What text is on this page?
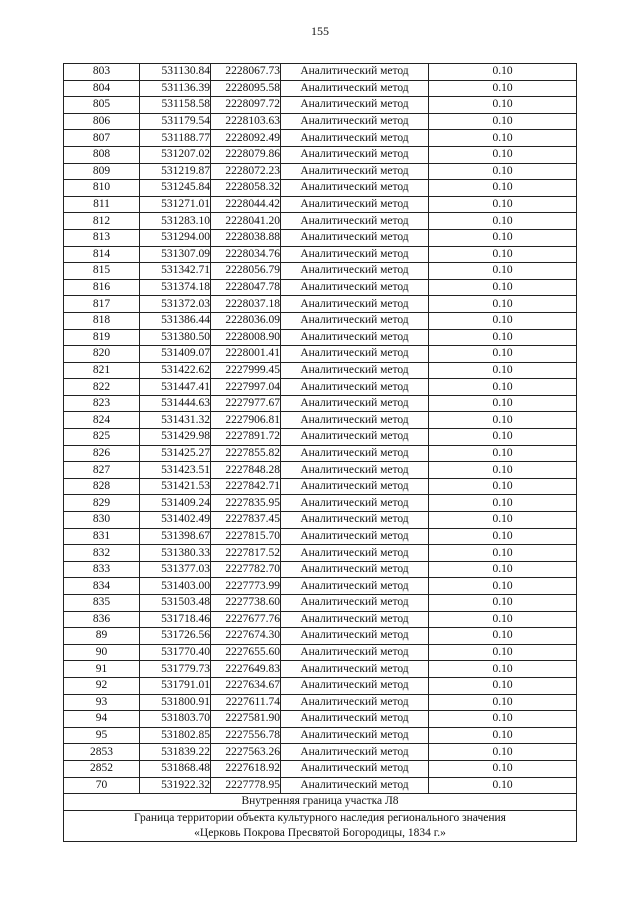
155
803	531130.84	2228067.73	Аналитический метод	0.10
804	531136.39	2228095.58	Аналитический метод	0.10
805	531158.58	2228097.72	Аналитический метод	0.10
806	531179.54	2228103.63	Аналитический метод	0.10
807	531188.77	2228092.49	Аналитический метод	0.10
808	531207.02	2228079.86	Аналитический метод	0.10
809	531219.87	2228072.23	Аналитический метод	0.10
810	531245.84	2228058.32	Аналитический метод	0.10
811	531271.01	2228044.42	Аналитический метод	0.10
812	531283.10	2228041.20	Аналитический метод	0.10
813	531294.00	2228038.88	Аналитический метод	0.10
814	531307.09	2228034.76	Аналитический метод	0.10
815	531342.71	2228056.79	Аналитический метод	0.10
816	531374.18	2228047.78	Аналитический метод	0.10
817	531372.03	2228037.18	Аналитический метод	0.10
818	531386.44	2228036.09	Аналитический метод	0.10
819	531380.50	2228008.90	Аналитический метод	0.10
820	531409.07	2228001.41	Аналитический метод	0.10
821	531422.62	2227999.45	Аналитический метод	0.10
822	531447.41	2227997.04	Аналитический метод	0.10
823	531444.63	2227977.67	Аналитический метод	0.10
824	531431.32	2227906.81	Аналитический метод	0.10
825	531429.98	2227891.72	Аналитический метод	0.10
826	531425.27	2227855.82	Аналитический метод	0.10
827	531423.51	2227848.28	Аналитический метод	0.10
828	531421.53	2227842.71	Аналитический метод	0.10
829	531409.24	2227835.95	Аналитический метод	0.10
830	531402.49	2227837.45	Аналитический метод	0.10
831	531398.67	2227815.70	Аналитический метод	0.10
832	531380.33	2227817.52	Аналитический метод	0.10
833	531377.03	2227782.70	Аналитический метод	0.10
834	531403.00	2227773.99	Аналитический метод	0.10
835	531503.48	2227738.60	Аналитический метод	0.10
836	531718.46	2227677.76	Аналитический метод	0.10
89	531726.56	2227674.30	Аналитический метод	0.10
90	531770.40	2227655.60	Аналитический метод	0.10
91	531779.73	2227649.83	Аналитический метод	0.10
92	531791.01	2227634.67	Аналитический метод	0.10
93	531800.91	2227611.74	Аналитический метод	0.10
94	531803.70	2227581.90	Аналитический метод	0.10
95	531802.85	2227556.78	Аналитический метод	0.10
2853	531839.22	2227563.26	Аналитический метод	0.10
2852	531868.48	2227618.92	Аналитический метод	0.10
70	531922.32	2227778.95	Аналитический метод	0.10
Внутренняя граница участка Л8				

Граница территории объекта культурного наследия регионального значения
«Церковь Покрова Пресвятой Богородицы, 1834 г.»				
